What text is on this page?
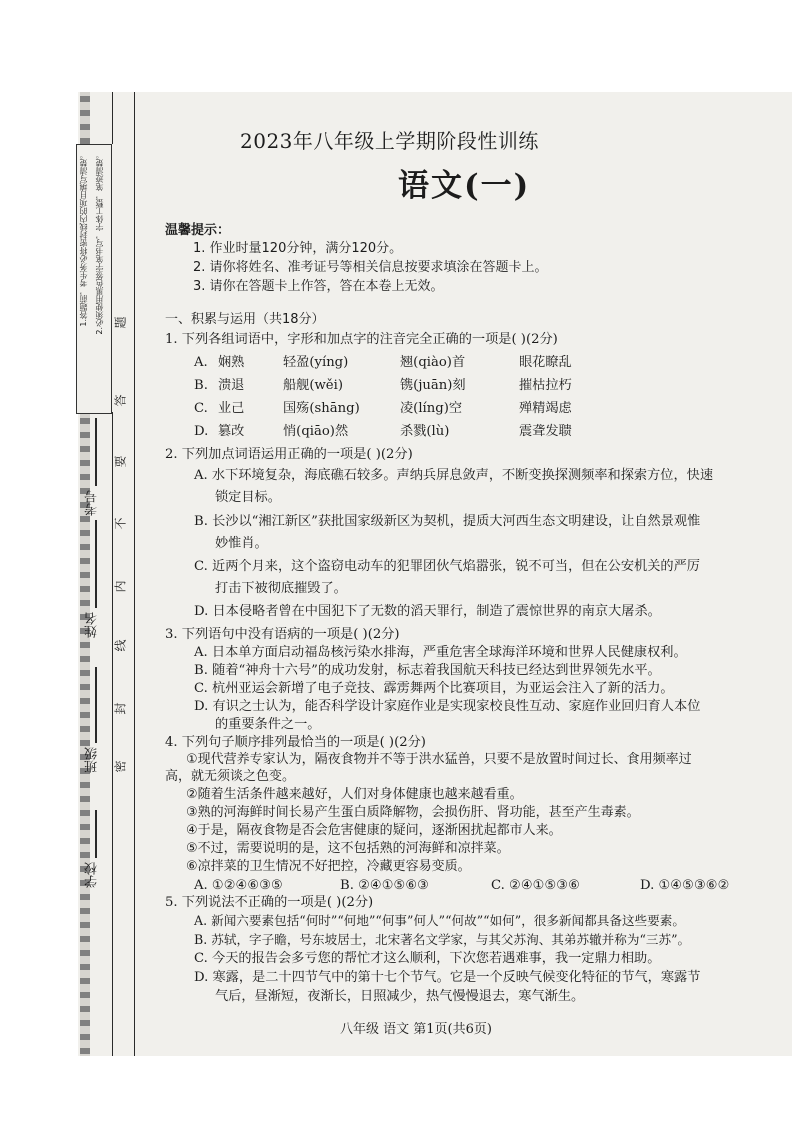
1.答题前，考生务必将密封线内的项目填写清楚。 2.必须使用黑色签字笔书写，字体工整，笔迹清楚。
学校
班级
姓名
考号
密
封
线
内
不
要
答
题
2023年八年级上学期阶段性训练
语文(一)
温馨提示：
1. 作业时量120分钟，满分120分。
2. 请你将姓名、准考证号等相关信息按要求填涂在答题卡上。
3. 请你在答题卡上作答，答在本卷上无效。
一、积累与运用（共18分）
1. 下列各组词语中，字形和加点字的注音完全正确的一项是( )(2分)
A. 娴熟	轻盈(yíng)	翘(qiào)首	眼花瞭乱
B. 溃退	船舰(wěi)	镌(juān)刻	摧枯拉朽
C. 业己	国殇(shāng)	凌(líng)空	殚精竭虑
D. 篡改	悄(qiāo)然	杀戮(lù)	震聋发聩
2. 下列加点词语运用正确的一项是( )(2分)
A. 水下环境复杂，海底礁石较多。声纳兵屏息敛声，不断变换探测频率和探索方位，快速
锁定目标。
B. 长沙以“湘江新区”获批国家级新区为契机，提质大河西生态文明建设，让自然景观惟
妙惟肖。
C. 近两个月来，这个盗窃电动车的犯罪团伙气焰嚣张，锐不可当，但在公安机关的严厉
打击下被彻底摧毁了。
D. 日本侵略者曾在中国犯下了无数的滔天罪行，制造了震惊世界的南京大屠杀。
3. 下列语句中没有语病的一项是( )(2分)
A. 日本单方面启动福岛核污染水排海，严重危害全球海洋环境和世界人民健康权利。
B. 随着“神舟十六号”的成功发射，标志着我国航天科技已经达到世界领先水平。
C. 杭州亚运会新增了电子竞技、霹雳舞两个比赛项目，为亚运会注入了新的活力。
D. 有识之士认为，能否科学设计家庭作业是实现家校良性互动、家庭作业回归育人本位
的重要条件之一。
4. 下列句子顺序排列最恰当的一项是( )(2分)
①现代营养专家认为，隔夜食物并不等于洪水猛兽，只要不是放置时间过长、食用频率过
高，就无须谈之色变。
②随着生活条件越来越好，人们对身体健康也越来越看重。
③熟的河海鲜时间长易产生蛋白质降解物，会损伤肝、肾功能，甚至产生毒素。
④于是，隔夜食物是否会危害健康的疑问，逐渐困扰起都市人来。
⑤不过，需要说明的是，这不包括熟的河海鲜和凉拌菜。
⑥凉拌菜的卫生情况不好把控，冷藏更容易变质。
A. ①②④⑥③⑤	B. ②④①⑤⑥③	C. ②④①⑤③⑥	D. ①④⑤③⑥②
5. 下列说法不正确的一项是( )(2分)
A. 新闻六要素包括“何时”“何地”“何事”何人”“何故”“如何”，很多新闻都具备这些要素。
B. 苏轼，字子瞻，号东坡居士，北宋著名文学家，与其父苏洵、其弟苏辙并称为“三苏”。
C. 今天的报告会多亏您的帮忙才这么顺利，下次您若遇难事，我一定鼎力相助。
D. 寒露，是二十四节气中的第十七个节气。它是一个反映气候变化特征的节气，寒露节
气后，昼渐短，夜渐长，日照减少，热气慢慢退去，寒气渐生。
八年级 语文 第1页(共6页)
